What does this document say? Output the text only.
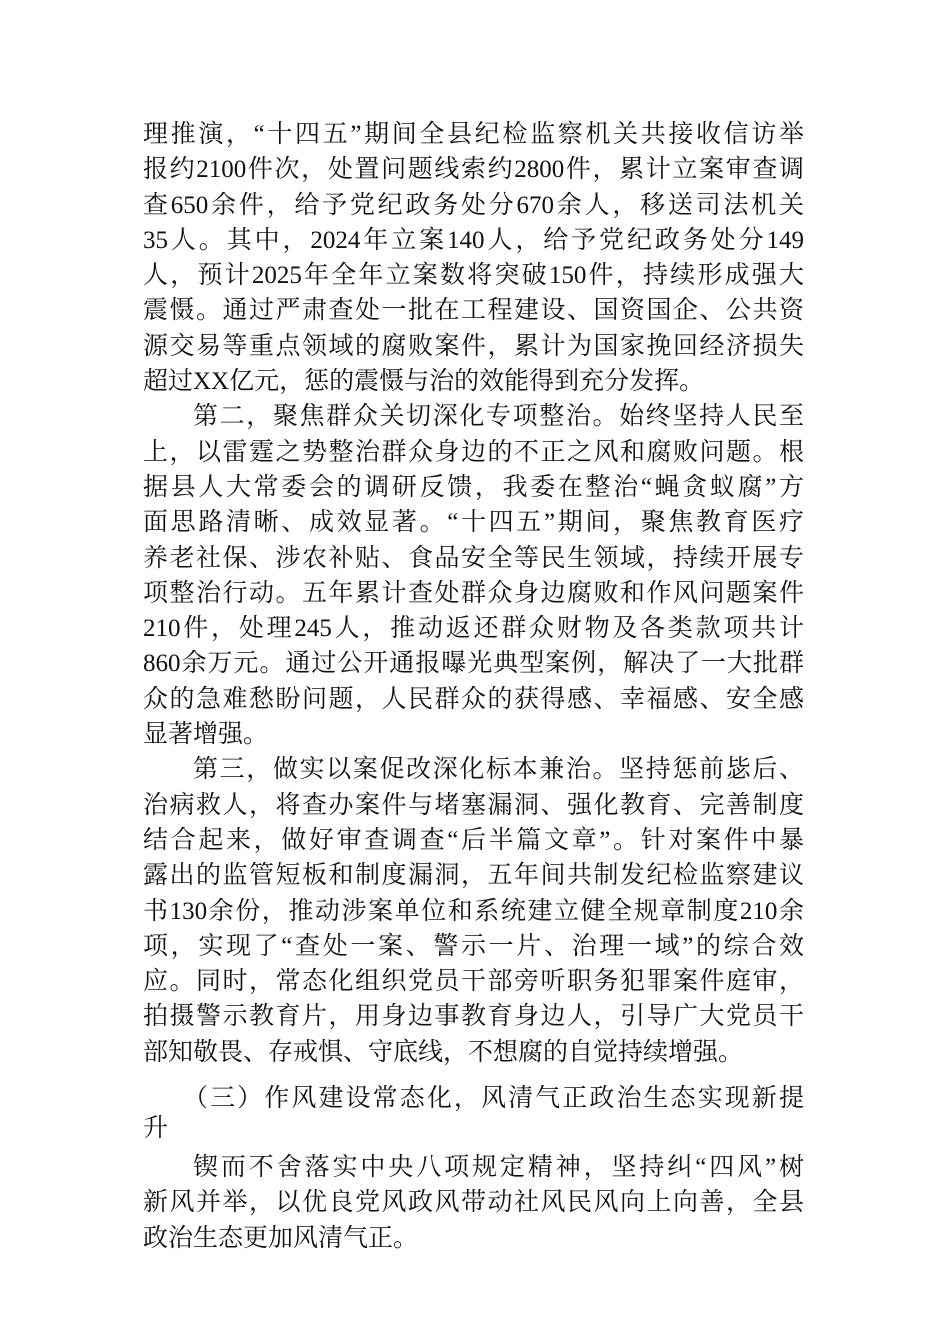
理推演，“十四五”期间全县纪检监察机关共接收信访举
报约2100件次，处置问题线索约2800件，累计立案审查调
查650余件，给予党纪政务处分670余人，移送司法机关
35人。其中，2024年立案140人，给予党纪政务处分149
人，预计2025年全年立案数将突破150件，持续形成强大
震慑。通过严肃查处一批在工程建设、国资国企、公共资
源交易等重点领域的腐败案件，累计为国家挽回经济损失
超过XX亿元，惩的震慑与治的效能得到充分发挥。
第二，聚焦群众关切深化专项整治。始终坚持人民至
上，以雷霆之势整治群众身边的不正之风和腐败问题。根
据县人大常委会的调研反馈，我委在整治“蝇贪蚁腐”方
面思路清晰、成效显著。“十四五”期间，聚焦教育医疗
养老社保、涉农补贴、食品安全等民生领域，持续开展专
项整治行动。五年累计查处群众身边腐败和作风问题案件
210件，处理245人，推动返还群众财物及各类款项共计
860余万元。通过公开通报曝光典型案例，解决了一大批群
众的急难愁盼问题，人民群众的获得感、幸福感、安全感
显著增强。
第三，做实以案促改深化标本兼治。坚持惩前毖后、
治病救人，将查办案件与堵塞漏洞、强化教育、完善制度
结合起来，做好审查调查“后半篇文章”。针对案件中暴
露出的监管短板和制度漏洞，五年间共制发纪检监察建议
书130余份，推动涉案单位和系统建立健全规章制度210余
项，实现了“查处一案、警示一片、治理一域”的综合效
应。同时，常态化组织党员干部旁听职务犯罪案件庭审，
拍摄警示教育片，用身边事教育身边人，引导广大党员干
部知敬畏、存戒惧、守底线，不想腐的自觉持续增强。
（三）作风建设常态化，风清气正政治生态实现新提
升
锲而不舍落实中央八项规定精神，坚持纠“四风”树
新风并举，以优良党风政风带动社风民风向上向善，全县
政治生态更加风清气正。
